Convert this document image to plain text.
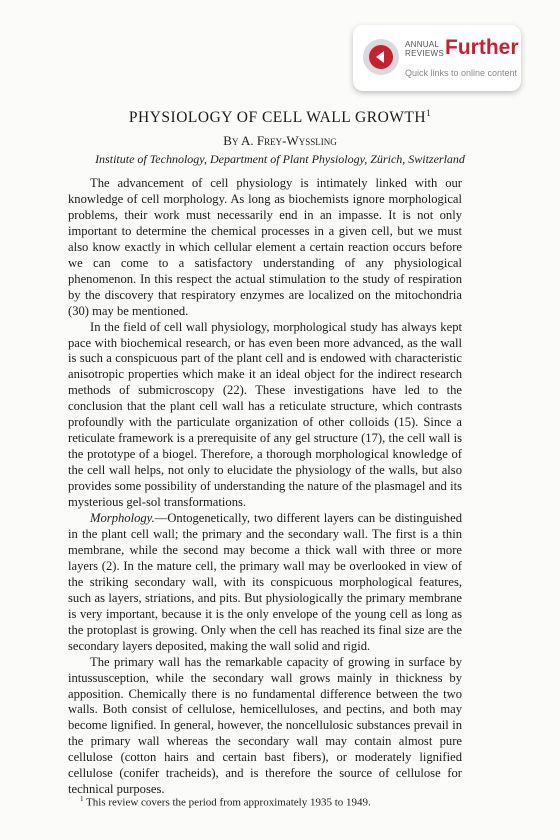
ANNUAL
REVIEWS Further
Quick links to online content
PHYSIOLOGY OF CELL WALL GROWTH$^1$
By A. Frey-Wyssling
Institute of Technology, Department of Plant Physiology, Zürich, Switzerland

The advancement of cell physiology is intimately linked with our knowledge of cell morphology. As long as biochemists ignore morphological problems, their work must necessarily end in an impasse. It is not only important to determine the chemical processes in a given cell, but we must also know exactly in which cellular element a certain reaction occurs before we can come to a satisfactory understanding of any physiological phenomenon. In this respect the actual stimulation to the study of respiration by the discovery that respiratory enzymes are localized on the mitochondria (30) may be mentioned.

In the field of cell wall physiology, morphological study has always kept pace with biochemical research, or has even been more advanced, as the wall is such a conspicuous part of the plant cell and is endowed with characteristic anisotropic properties which make it an ideal object for the indirect research methods of submicroscopy (22). These investigations have led to the conclusion that the plant cell wall has a reticulate structure, which contrasts profoundly with the particulate organization of other colloids (15). Since a reticulate framework is a prerequisite of any gel structure (17), the cell wall is the prototype of a biogel. Therefore, a thorough morphological knowledge of the cell wall helps, not only to elucidate the physiology of the walls, but also provides some possibility of understanding the nature of the plasmagel and its mysterious gel-sol transformations.

Morphology.—Ontogenetically, two different layers can be distinguished in the plant cell wall; the primary and the secondary wall. The first is a thin membrane, while the second may become a thick wall with three or more layers (2). In the mature cell, the primary wall may be overlooked in view of the striking secondary wall, with its conspicuous morphological features, such as layers, striations, and pits. But physiologically the primary membrane is very important, because it is the only envelope of the young cell as long as the protoplast is growing. Only when the cell has reached its final size are the secondary layers deposited, making the wall solid and rigid.

The primary wall has the remarkable capacity of growing in surface by intussusception, while the secondary wall grows mainly in thickness by apposition. Chemically there is no fundamental difference between the two walls. Both consist of cellulose, hemicelluloses, and pectins, and both may become lignified. In general, however, the noncellulosic substances prevail in the primary wall whereas the secondary wall may contain almost pure cellulose (cotton hairs and certain bast fibers), or moderately lignified cellulose (conifer tracheids), and is therefore the source of cellulose for technical purposes.

$^1$ This review covers the period from approximately 1935 to 1949.
